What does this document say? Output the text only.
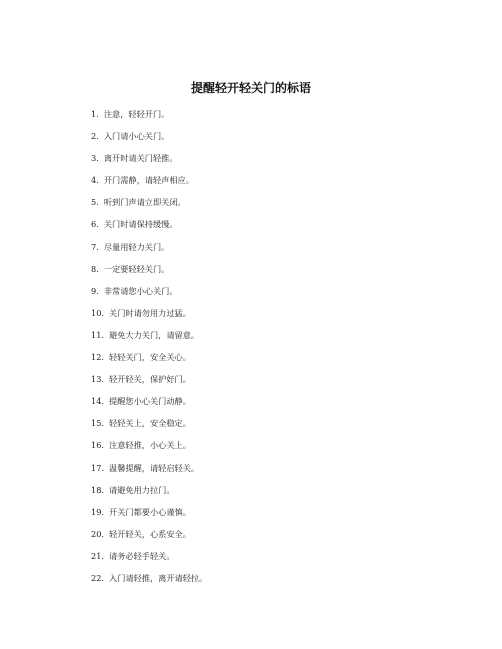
提醒轻开轻关门的标语
1. 注意，轻轻开门。
2. 入门请小心关门。
3. 离开时请关门轻推。
4. 开门需静，请轻声相应。
5. 听到门声请立即关闭。
6. 关门时请保持缓慢。
7. 尽量用轻力关门。
8. 一定要轻轻关门。
9. 非常请您小心关门。
10. 关门时请勿用力过猛。
11. 避免大力关门，请留意。
12. 轻轻关门，安全关心。
13. 轻开轻关，保护好门。
14. 提醒您小心关门动静。
15. 轻轻关上，安全稳定。
16. 注意轻推，小心关上。
17. 温馨提醒，请轻启轻关。
18. 请避免用力拉门。
19. 开关门都要小心谨慎。
20. 轻开轻关，心系安全。
21. 请务必轻手轻关。
22. 入门请轻推，离开请轻拉。
